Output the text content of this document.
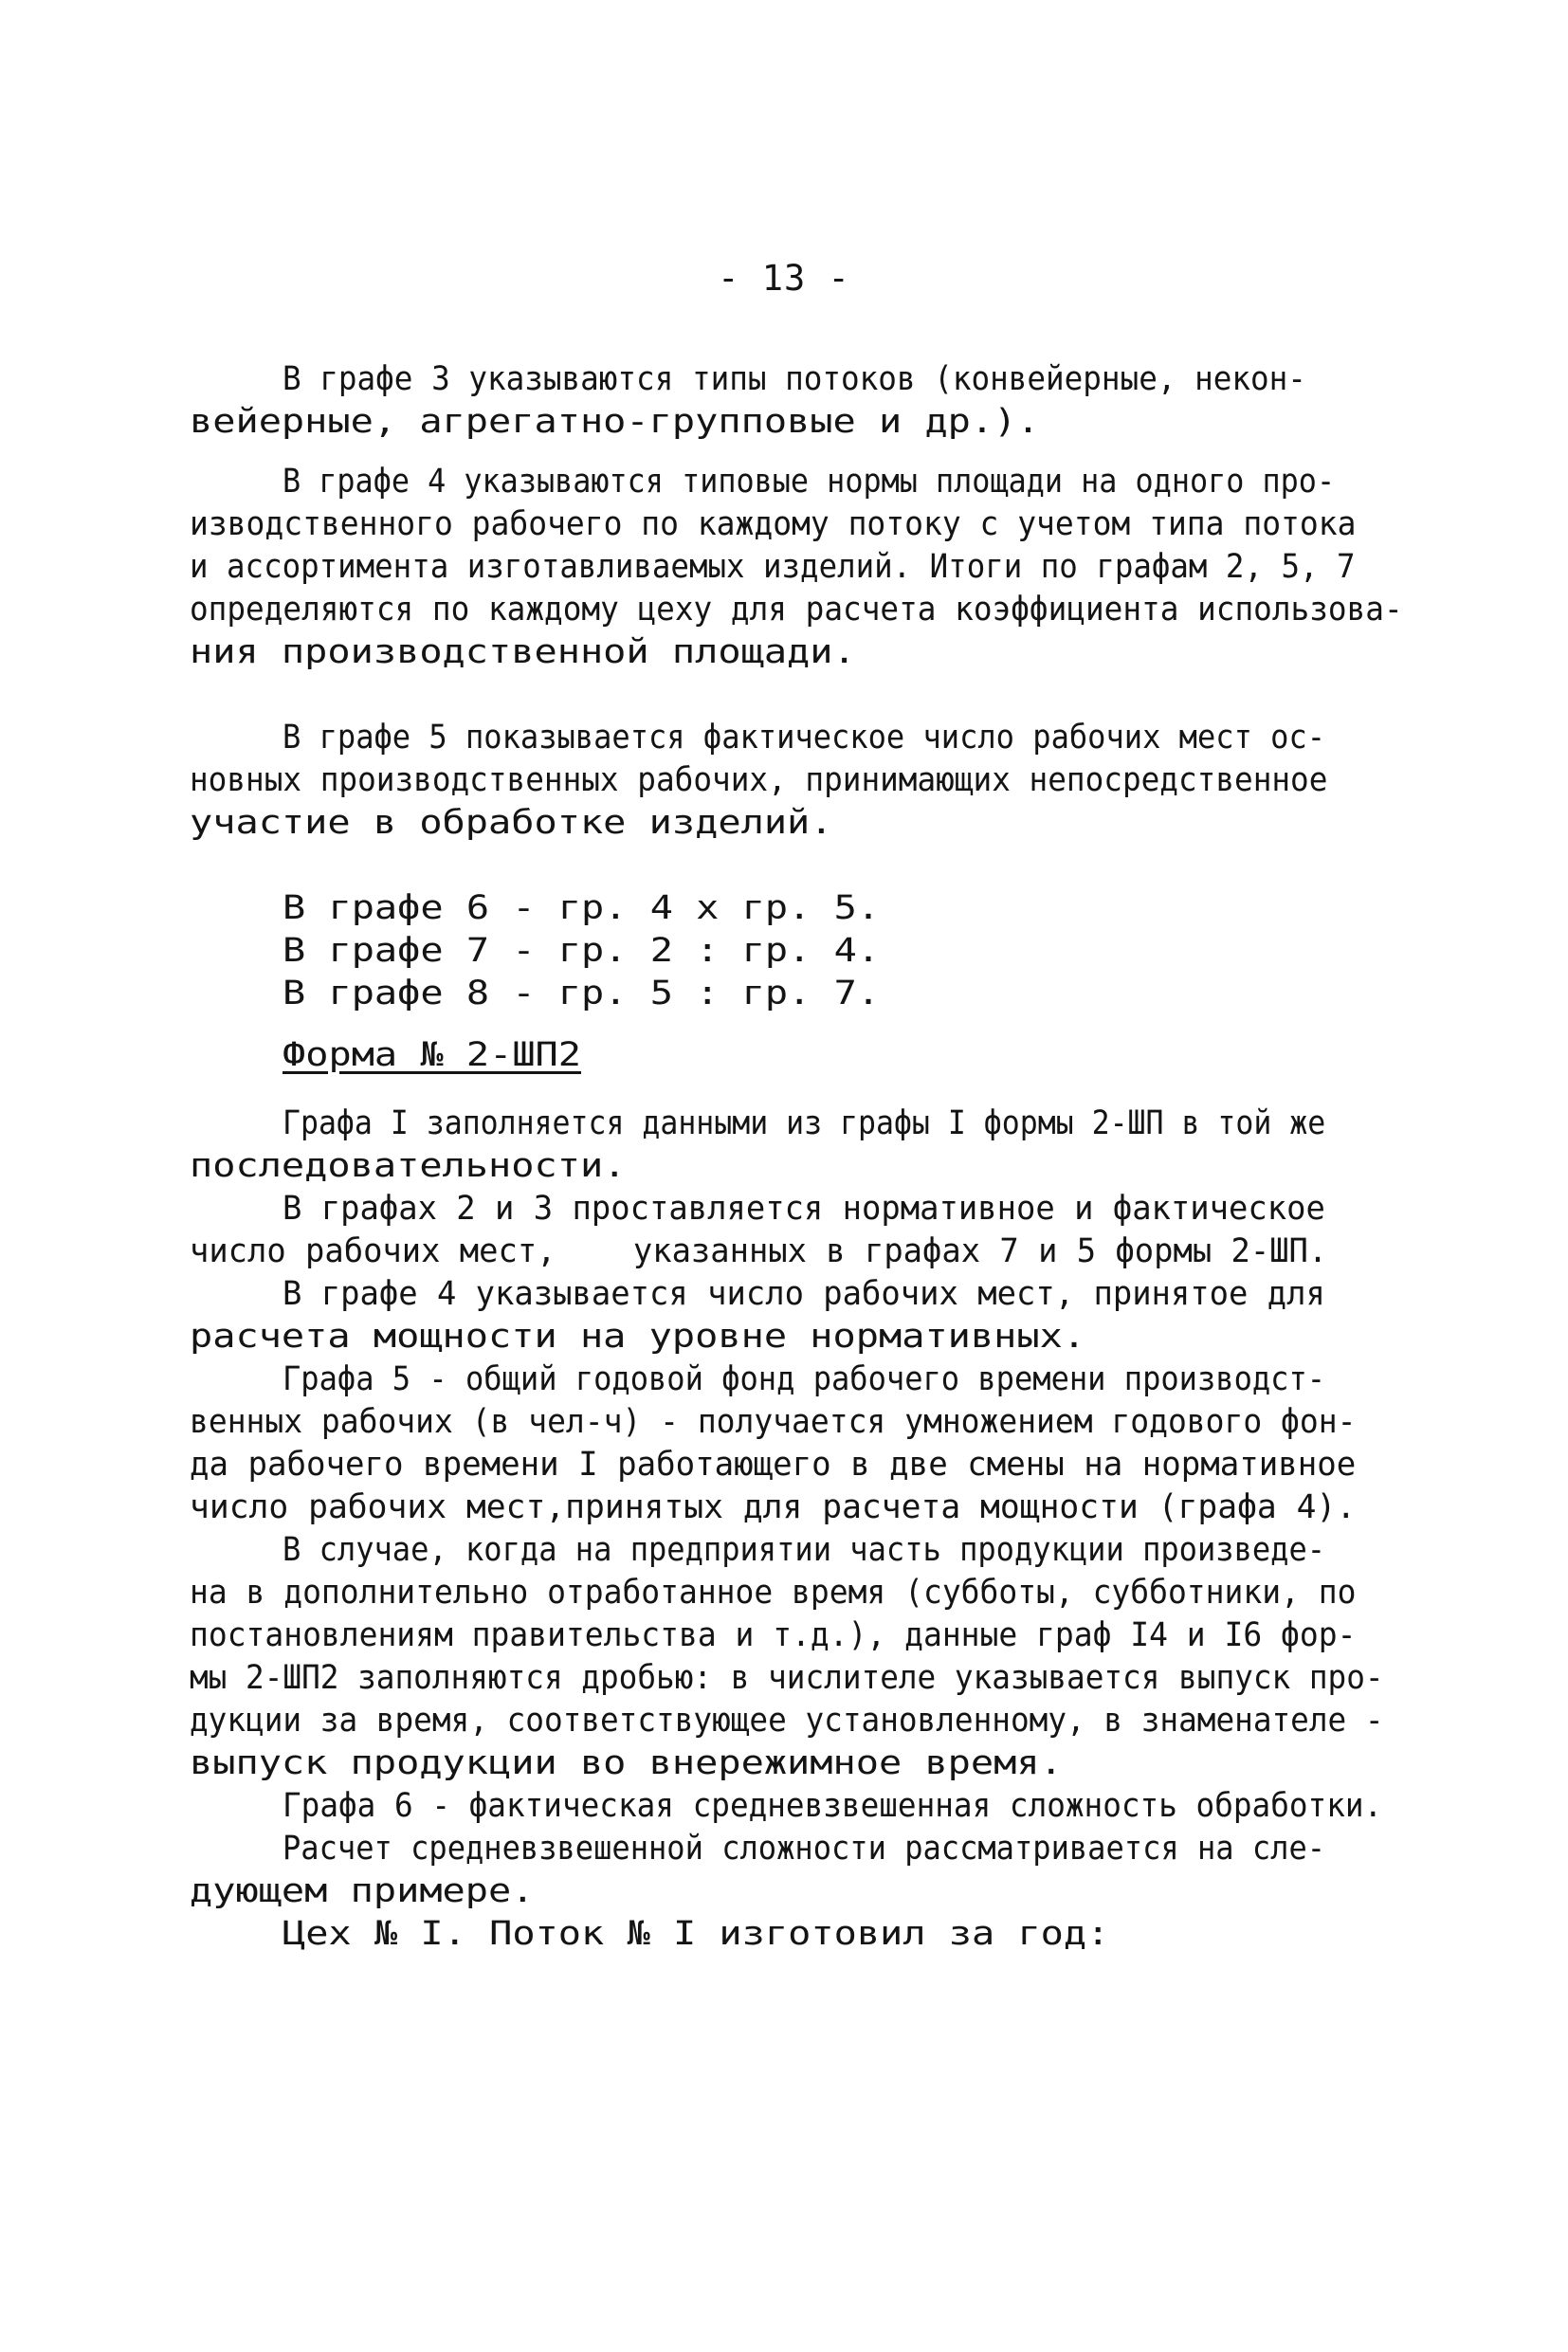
- 13 -
В графе 3 указываются типы потоков (конвейерные, некон-
вейерные, агрегатно-групповые и др.).
В графе 4 указываются типовые нормы площади на одного про-
изводственного рабочего по каждому потоку с учетом типа потока
и ассортимента изготавливаемых изделий. Итоги по графам 2, 5, 7
определяются по каждому цеху для расчета коэффициента использова-
ния производственной площади.
В графе 5 показывается фактическое число рабочих мест ос-
новных производственных рабочих, принимающих непосредственное
участие в обработке изделий.
В графе 6 - гр. 4 х гр. 5.
В графе 7 - гр. 2 : гр. 4.
В графе 8 - гр. 5 : гр. 7.
Форма № 2-ШП2
Графа I заполняется данными из графы I формы 2-ШП в той же
последовательности.
В графах 2 и 3 проставляется нормативное и фактическое
число рабочих мест,    указанных в графах 7 и 5 формы 2-ШП.
В графе 4 указывается число рабочих мест, принятое для
расчета мощности на уровне нормативных.
Графа 5 - общий годовой фонд рабочего времени производст-
венных рабочих (в чел-ч) - получается умножением годового фон-
да рабочего времени I работающего в две смены на нормативное
число рабочих мест,принятых для расчета мощности (графа 4).
В случае, когда на предприятии часть продукции произведе-
на в дополнительно отработанное время (субботы, субботники, по
постановлениям правительства и т.д.), данные граф I4 и I6 фор-
мы 2-ШП2 заполняются дробью: в числителе указывается выпуск про-
дукции за время, соответствующее установленному, в знаменателе -
выпуск продукции во внережимное время.
Графа 6 - фактическая средневзвешенная сложность обработки.
Расчет средневзвешенной сложности рассматривается на сле-
дующем примере.
Цех № I. Поток № I изготовил за год:
